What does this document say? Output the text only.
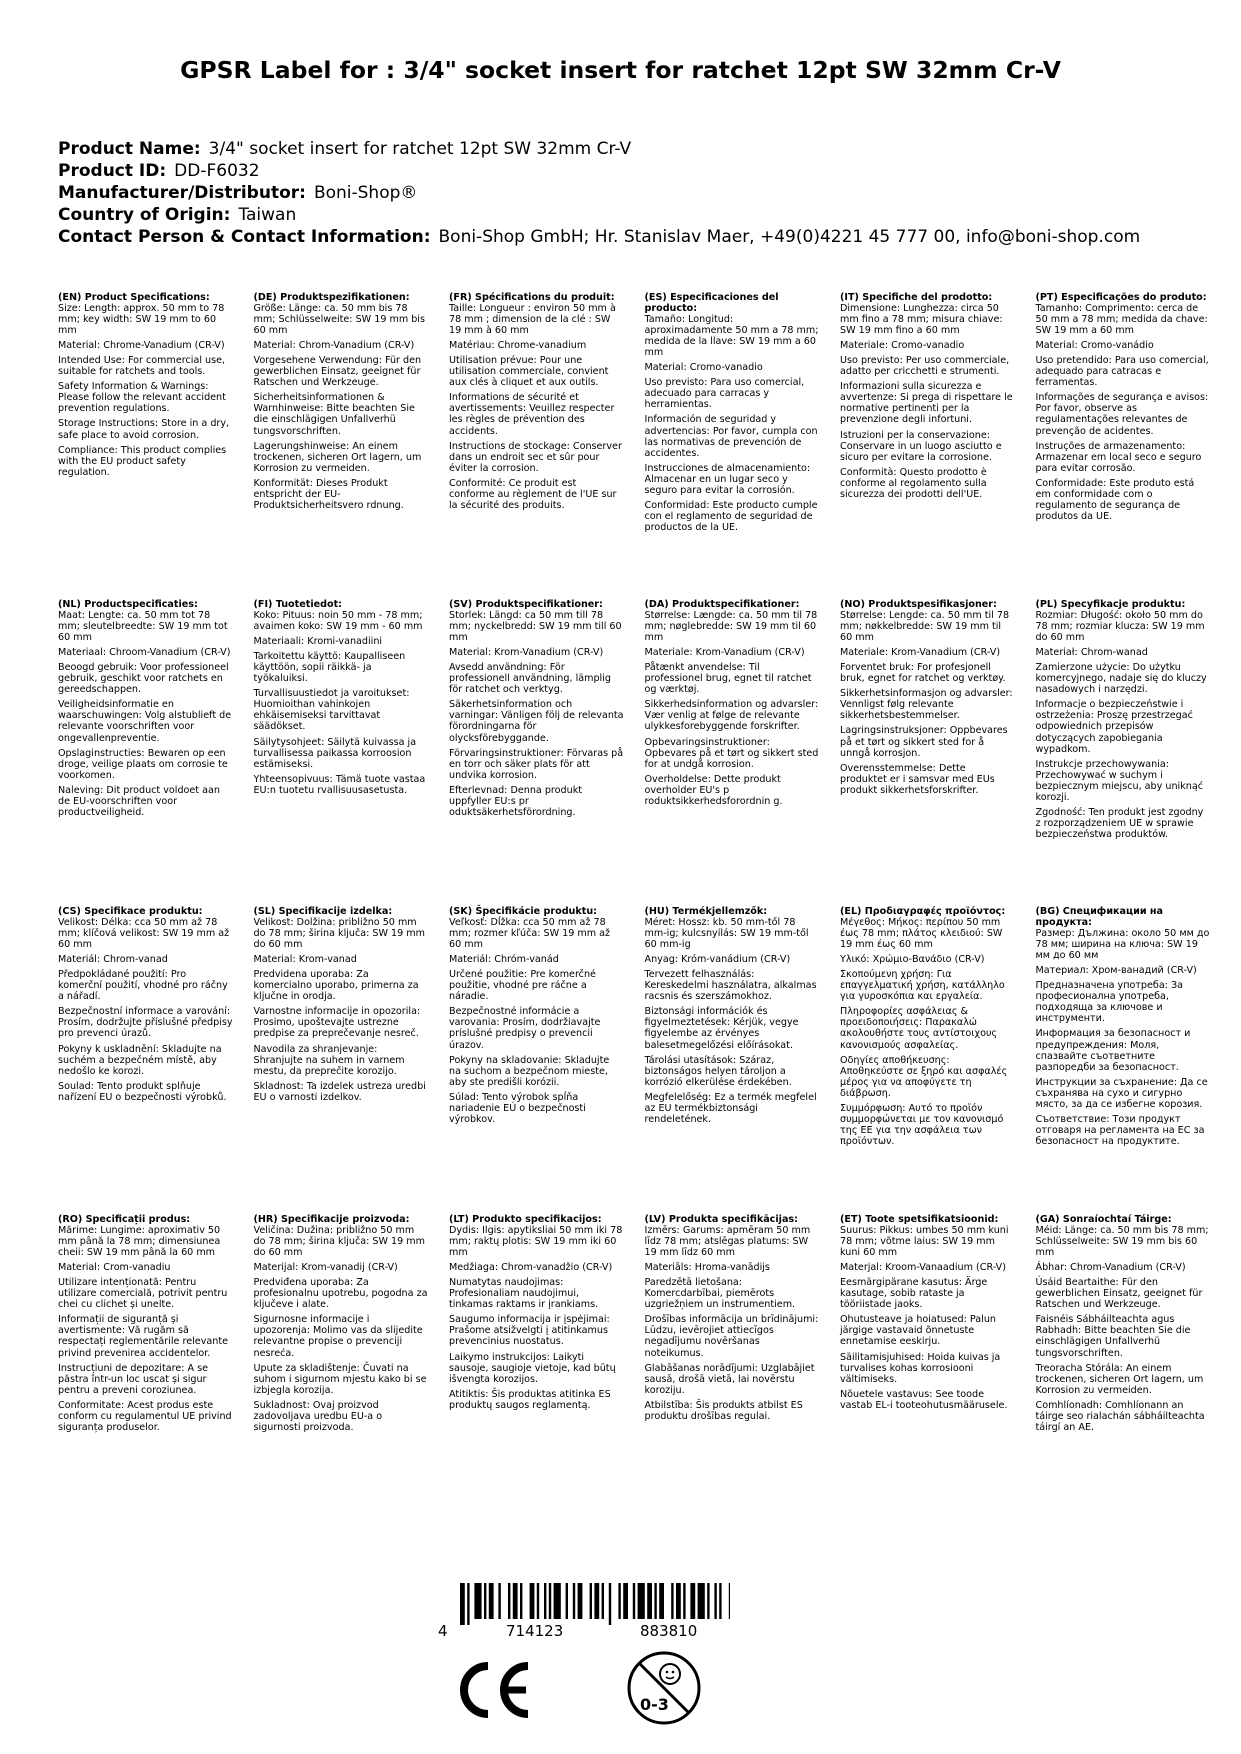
GPSR Label for : 3/4" socket insert for ratchet 12pt SW 32mm Cr-V
Product Name: 3/4" socket insert for ratchet 12pt SW 32mm Cr-V
Product ID: DD-F6032
Manufacturer/Distributor: Boni-Shop®
Country of Origin: Taiwan
Contact Person & Contact Information: Boni-Shop GmbH; Hr. Stanislav Maer, +49(0)4221 45 777 00, info@boni-shop.com
(EN) Product Specifications:

Size: Length: approx. 50 mm to 78 mm; key width: SW 19 mm to 60 mm

Material: Chrome-Vanadium (CR-V)

Intended Use: For commercial use, suitable for ratchets and tools.

Safety Information & Warnings: Please follow the relevant accident prevention regulations.

Storage Instructions: Store in a dry, safe place to avoid corrosion.

Compliance: This product complies with the EU product safety regulation.

(DE) Produktspezifikationen:

Größe: Länge: ca. 50 mm bis 78 mm; Schlüsselweite: SW 19 mm bis 60 mm

Material: Chrom-Vanadium (CR-V)

Vorgesehene Verwendung: Für den gewerblichen Einsatz, geeignet für Ratschen und Werkzeuge.

Sicherheitsinformationen & Warnhinweise: Bitte beachten Sie die einschlägigen Unfallverhü tungsvorschriften.

Lagerungshinweise: An einem trockenen, sicheren Ort lagern, um Korrosion zu vermeiden.

Konformität: Dieses Produkt entspricht der EU-Produktsicherheitsvero rdnung.

(FR) Spécifications du produit:

Taille: Longueur : environ 50 mm à 78 mm ; dimension de la clé : SW 19 mm à 60 mm

Matériau: Chrome-vanadium

Utilisation prévue: Pour une utilisation commerciale, convient aux clés à cliquet et aux outils.

Informations de sécurité et avertissements: Veuillez respecter les règles de prévention des accidents.

Instructions de stockage: Conserver dans un endroit sec et sûr pour éviter la corrosion.

Conformité: Ce produit est conforme au règlement de l'UE sur la sécurité des produits.

(ES) Especificaciones del producto:

Tamaño: Longitud: aproximadamente 50 mm a 78 mm; medida de la llave: SW 19 mm a 60 mm

Material: Cromo-vanadio

Uso previsto: Para uso comercial, adecuado para carracas y herramientas.

Información de seguridad y advertencias: Por favor, cumpla con las normativas de prevención de accidentes.

Instrucciones de almacenamiento: Almacenar en un lugar seco y seguro para evitar la corrosión.

Conformidad: Este producto cumple con el reglamento de seguridad de productos de la UE.

(IT) Specifiche del prodotto:

Dimensione: Lunghezza: circa 50 mm fino a 78 mm; misura chiave: SW 19 mm fino a 60 mm

Materiale: Cromo-vanadio

Uso previsto: Per uso commerciale, adatto per cricchetti e strumenti.

Informazioni sulla sicurezza e avvertenze: Si prega di rispettare le normative pertinenti per la prevenzione degli infortuni.

Istruzioni per la conservazione: Conservare in un luogo asciutto e sicuro per evitare la corrosione.

Conformità: Questo prodotto è conforme al regolamento sulla sicurezza dei prodotti dell'UE.

(PT) Especificações do produto:

Tamanho: Comprimento: cerca de 50 mm a 78 mm; medida da chave: SW 19 mm a 60 mm

Material: Cromo-vanádio

Uso pretendido: Para uso comercial, adequado para catracas e ferramentas.

Informações de segurança e avisos: Por favor, observe as regulamentações relevantes de prevenção de acidentes.

Instruções de armazenamento: Armazenar em local seco e seguro para evitar corrosão.

Conformidade: Este produto está em conformidade com o regulamento de segurança de produtos da UE.

(NL) Productspecificaties:

Maat: Lengte: ca. 50 mm tot 78 mm; sleutelbreedte: SW 19 mm tot 60 mm

Materiaal: Chroom-Vanadium (CR-V)

Beoogd gebruik: Voor professioneel gebruik, geschikt voor ratchets en gereedschappen.

Veiligheidsinformatie en waarschuwingen: Volg alstublieft de relevante voorschriften voor ongevallenpreventie.

Opslaginstructies: Bewaren op een droge, veilige plaats om corrosie te voorkomen.

Naleving: Dit product voldoet aan de EU-voorschriften voor productveiligheid.

(FI) Tuotetiedot:

Koko: Pituus: noin 50 mm - 78 mm; avaimen koko: SW 19 mm - 60 mm

Materiaali: Kromi-vanadiini

Tarkoitettu käyttö: Kaupalliseen käyttöön, sopii räikkä- ja työkaluiksi.

Turvallisuustiedot ja varoitukset: Huomioithan vahinkojen ehkäisemiseksi tarvittavat säädökset.

Säilytysohjeet: Säilytä kuivassa ja turvallisessa paikassa korroosion estämiseksi.

Yhteensopivuus: Tämä tuote vastaa EU:n tuotetu rvallisuusasetusta.

(SV) Produktspecifikationer:

Storlek: Längd: ca 50 mm till 78 mm; nyckelbredd: SW 19 mm till 60 mm

Material: Krom-Vanadium (CR-V)

Avsedd användning: För professionell användning, lämplig för ratchet och verktyg.

Säkerhetsinformation och varningar: Vänligen följ de relevanta förordningarna för olycksförebyggande.

Förvaringsinstruktioner: Förvaras på en torr och säker plats för att undvika korrosion.

Efterlevnad: Denna produkt uppfyller EU:s pr oduktsäkerhetsförordning.

(DA) Produktspecifikationer:

Størrelse: Længde: ca. 50 mm til 78 mm; nøglebredde: SW 19 mm til 60 mm

Materiale: Krom-Vanadium (CR-V)

Påtænkt anvendelse: Til professionel brug, egnet til ratchet og værktøj.

Sikkerhedsinformation og advarsler: Vær venlig at følge de relevante ulykkesforebyggende forskrifter.

Opbevaringsinstruktioner: Opbevares på et tørt og sikkert sted for at undgå korrosion.

Overholdelse: Dette produkt overholder EU's p roduktsikkerhedsforordnin g.

(NO) Produktspesifikasjoner:

Størrelse: Lengde: ca. 50 mm til 78 mm; nøkkelbredde: SW 19 mm til 60 mm

Materiale: Krom-Vanadium (CR-V)

Forventet bruk: For profesjonell bruk, egnet for ratchet og verktøy.

Sikkerhetsinformasjon og advarsler: Vennligst følg relevante sikkerhetsbestemmelser.

Lagringsinstruksjoner: Oppbevares på et tørt og sikkert sted for å unngå korrosjon.

Overensstemmelse: Dette produktet er i samsvar med EUs produkt sikkerhetsforskrifter.

(PL) Specyfikacje produktu:

Rozmiar: Długość: około 50 mm do 78 mm; rozmiar klucza: SW 19 mm do 60 mm

Materiał: Chrom-wanad

Zamierzone użycie: Do użytku komercyjnego, nadaje się do kluczy nasadowych i narzędzi.

Informacje o bezpieczeństwie i ostrzeżenia: Proszę przestrzegać odpowiednich przepisów dotyczących zapobiegania wypadkom.

Instrukcje przechowywania: Przechowywać w suchym i bezpiecznym miejscu, aby uniknąć korozji.

Zgodność: Ten produkt jest zgodny z rozporządzeniem UE w sprawie bezpieczeństwa produktów.

(CS) Specifikace produktu:

Velikost: Délka: cca 50 mm až 78 mm; klíčová velikost: SW 19 mm až 60 mm

Materiál: Chrom-vanad

Předpokládané použití: Pro komerční použití, vhodné pro ráčny a nářadí.

Bezpečnostní informace a varování: Prosím, dodržujte příslušné předpisy pro prevenci úrazů.

Pokyny k uskladnění: Skladujte na suchém a bezpečném místě, aby nedošlo ke korozi.

Soulad: Tento produkt splňuje nařízení EU o bezpečnosti výrobků.

(SL) Specifikacije izdelka:

Velikost: Dolžina: približno 50 mm do 78 mm; širina ključa: SW 19 mm do 60 mm

Material: Krom-vanad

Predvidena uporaba: Za komercialno uporabo, primerna za ključne in orodja.

Varnostne informacije in opozorila: Prosimo, upoštevajte ustrezne predpise za preprečevanje nesreč.

Navodila za shranjevanje: Shranjujte na suhem in varnem mestu, da preprečite korozijo.

Skladnost: Ta izdelek ustreza uredbi EU o varnosti izdelkov.

(SK) Špecifikácie produktu:

Veľkosť: Dĺžka: cca 50 mm až 78 mm; rozmer kľúča: SW 19 mm až 60 mm

Materiál: Chróm-vanád

Určené použitie: Pre komerčné použitie, vhodné pre ráčne a náradie.

Bezpečnostné informácie a varovania: Prosím, dodržiavajte príslušné predpisy o prevencii úrazov.

Pokyny na skladovanie: Skladujte na suchom a bezpečnom mieste, aby ste predišli korózii.

Súlad: Tento výrobok spĺňa nariadenie EÚ o bezpečnosti výrobkov.

(HU) Termékjellemzők:

Méret: Hossz: kb. 50 mm-től 78 mm-ig; kulcsnyílás: SW 19 mm-től 60 mm-ig

Anyag: Króm-vanádium (CR-V)

Tervezett felhasználás: Kereskedelmi használatra, alkalmas racsnis és szerszámokhoz.

Biztonsági információk és figyelmeztetések: Kérjük, vegye figyelembe az érvényes balesetmegelőzési előírásokat.

Tárolási utasítások: Száraz, biztonságos helyen tároljon a korrózió elkerülése érdekében.

Megfelelőség: Ez a termék megfelel az EU termékbiztonsági rendeletének.

(EL) Προδιαγραφές προϊόντος:

Μέγεθος: Μήκος: περίπου 50 mm έως 78 mm; πλάτος κλειδιού: SW 19 mm έως 60 mm

Υλικό: Χρώμιο-Βανάδιο (CR-V)

Σκοπούμενη χρήση: Για επαγγελματική χρήση, κατάλληλο για γυροσκόπια και εργαλεία.

Πληροφορίες ασφάλειας & προειδοποιήσεις: Παρακαλώ ακολουθήστε τους αντίστοιχους κανονισμούς ασφαλείας.

Οδηγίες αποθήκευσης: Αποθηκεύστε σε ξηρό και ασφαλές μέρος για να αποφύγετε τη διάβρωση.

Συμμόρφωση: Αυτό το προϊόν συμμορφώνεται με τον κανονισμό της ΕΕ για την ασφάλεια των προϊόντων.

(BG) Спецификации на продукта:

Размер: Дължина: около 50 мм до 78 мм; ширина на ключа: SW 19 мм до 60 мм

Материал: Хром-ванадий (CR-V)

Предназначена употреба: За професионална употреба, подходяща за ключове и инструменти.

Информация за безопасност и предупреждения: Моля, спазвайте съответните разпоредби за безопасност.

Инструкции за съхранение: Да се съхранява на сухо и сигурно място, за да се избегне корозия.

Съответствие: Този продукт отговаря на регламента на ЕС за безопасност на продуктите.

(RO) Specificații produs:

Mărime: Lungime: aproximativ 50 mm până la 78 mm; dimensiunea cheii: SW 19 mm până la 60 mm

Material: Crom-vanadiu

Utilizare intenționată: Pentru utilizare comercială, potrivit pentru chei cu clichet și unelte.

Informații de siguranță și avertismente: Vă rugăm să respectați reglementările relevante privind prevenirea accidentelor.

Instrucțiuni de depozitare: A se păstra într-un loc uscat și sigur pentru a preveni coroziunea.

Conformitate: Acest produs este conform cu regulamentul UE privind siguranța produselor.

(HR) Specifikacije proizvoda:

Veličina: Dužina: približno 50 mm do 78 mm; širina ključa: SW 19 mm do 60 mm

Materijal: Krom-vanadij (CR-V)

Predviđena uporaba: Za profesionalnu upotrebu, pogodna za ključeve i alate.

Sigurnosne informacije i upozorenja: Molimo vas da slijedite relevantne propise o prevenciji nesreća.

Upute za skladištenje: Čuvati na suhom i sigurnom mjestu kako bi se izbjegla korozija.

Sukladnost: Ovaj proizvod zadovoljava uredbu EU-a o sigurnosti proizvoda.

(LT) Produkto specifikacijos:

Dydis: Ilgis: apytiksliai 50 mm iki 78 mm; raktų plotis: SW 19 mm iki 60 mm

Medžiaga: Chrom-vanadžio (CR-V)

Numatytas naudojimas: Profesionaliam naudojimui, tinkamas raktams ir įrankiams.

Saugumo informacija ir įspėjimai: Prašome atsižvelgti į atitinkamus prevencinius nuostatus.

Laikymo instrukcijos: Laikyti sausoje, saugioje vietoje, kad būtų išvengta korozijos.

Atitiktis: Šis produktas atitinka ES produktų saugos reglamentą.

(LV) Produkta specifikācijas:

Izmērs: Garums: apmēram 50 mm līdz 78 mm; atslēgas platums: SW 19 mm līdz 60 mm

Materiāls: Hroma-vanādijs

Paredzētā lietošana: Komercdarbībai, piemērots uzgriežņiem un instrumentiem.

Drošības informācija un brīdinājumi: Lūdzu, ievērojiet attiecīgos negadījumu novēršanas noteikumus.

Glabāšanas norādījumi: Uzglabājiet sausā, drošā vietā, lai novērstu koroziju.

Atbilstība: Šis produkts atbilst ES produktu drošības regulai.

(ET) Toote spetsifikatsioonid:

Suurus: Pikkus: umbes 50 mm kuni 78 mm; võtme laius: SW 19 mm kuni 60 mm

Materjal: Kroom-Vanaadium (CR-V)

Eesmärgipärane kasutus: Ärge kasutage, sobib rataste ja tööriistade jaoks.

Ohutusteave ja hoiatused: Palun järgige vastavaid õnnetuste ennetamise eeskirju.

Säilitamisjuhised: Hoida kuivas ja turvalises kohas korrosiooni vältimiseks.

Nõuetele vastavus: See toode vastab EL-i tooteohutusmäärusele.

(GA) Sonraíochtaí Táirge:

Méid: Länge: ca. 50 mm bis 78 mm; Schlüsselweite: SW 19 mm bis 60 mm

Ábhar: Chrom-Vanadium (CR-V)

Úsáid Beartaithe: Für den gewerblichen Einsatz, geeignet für Ratschen und Werkzeuge.

Faisnéis Sábháilteachta agus Rabhadh: Bitte beachten Sie die einschlägigen Unfallverhü tungsvorschriften.

Treoracha Stórála: An einem trockenen, sicheren Ort lagern, um Korrosion zu vermeiden.

Comhlíonadh: Comhlíonann an táirge seo rialachán sábháilteachta táirgí an AE.

4	714123	883810
CE
0-3
